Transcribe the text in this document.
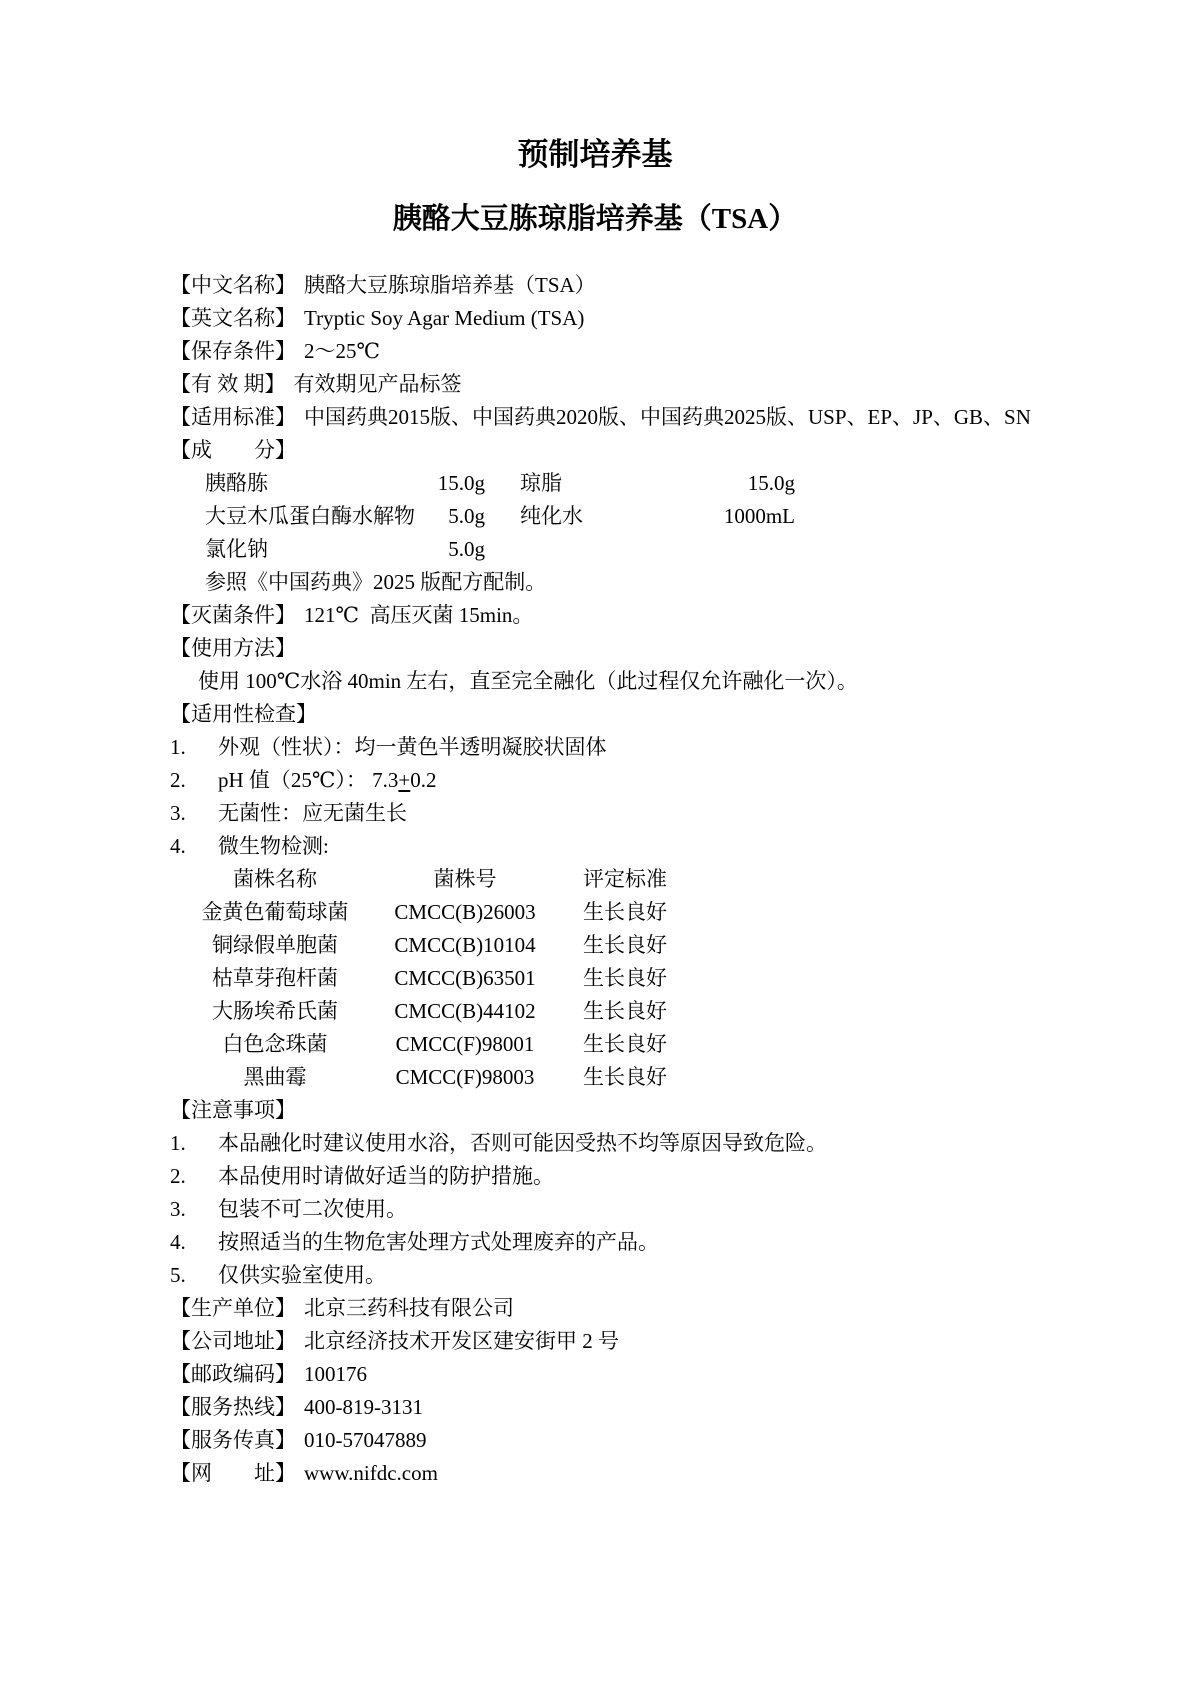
预制培养基
胰酪大豆胨琼脂培养基（TSA）

【中文名称】 胰酪大豆胨琼脂培养基（TSA）

【英文名称】 Tryptic Soy Agar Medium (TSA)

【保存条件】 2～25℃

【有 效 期】 有效期见产品标签

【适用标准】 中国药典2015版、中国药典2020版、中国药典2025版、USP、EP、JP、GB、SN

【成　　分】

胰酪胨	15.0g 琼脂	15.0g
大豆木瓜蛋白酶水解物	5.0g 纯化水	1000mL
氯化钠	5.0g

参照《中国药典》2025 版配方配制。

【灭菌条件】 121℃  高压灭菌 15min。

【使用方法】

使用 100℃水浴 40min 左右，直至完全融化（此过程仅允许融化一次）。

【适用性检查】

1.	外观（性状）：均一黄色半透明凝胶状固体

2.	pH 值（25℃）： 7.3+0.2

3.	无菌性：应无菌生长

4.	微生物检测:

菌株名称	菌株号	评定标准
金黄色葡萄球菌	CMCC(B)26003	生长良好
铜绿假单胞菌	CMCC(B)10104	生长良好
枯草芽孢杆菌	CMCC(B)63501	生长良好
大肠埃希氏菌	CMCC(B)44102	生长良好
白色念珠菌	CMCC(F)98001	生长良好
黑曲霉	CMCC(F)98003	生长良好

【注意事项】

1.	本品融化时建议使用水浴，否则可能因受热不均等原因导致危险。

2.	本品使用时请做好适当的防护措施。

3.	包装不可二次使用。

4.	按照适当的生物危害处理方式处理废弃的产品。

5.	仅供实验室使用。

【生产单位】 北京三药科技有限公司

【公司地址】 北京经济技术开发区建安街甲 2 号

【邮政编码】 100176

【服务热线】 400-819-3131

【服务传真】 010-57047889

【网　　址】 www.nifdc.com
